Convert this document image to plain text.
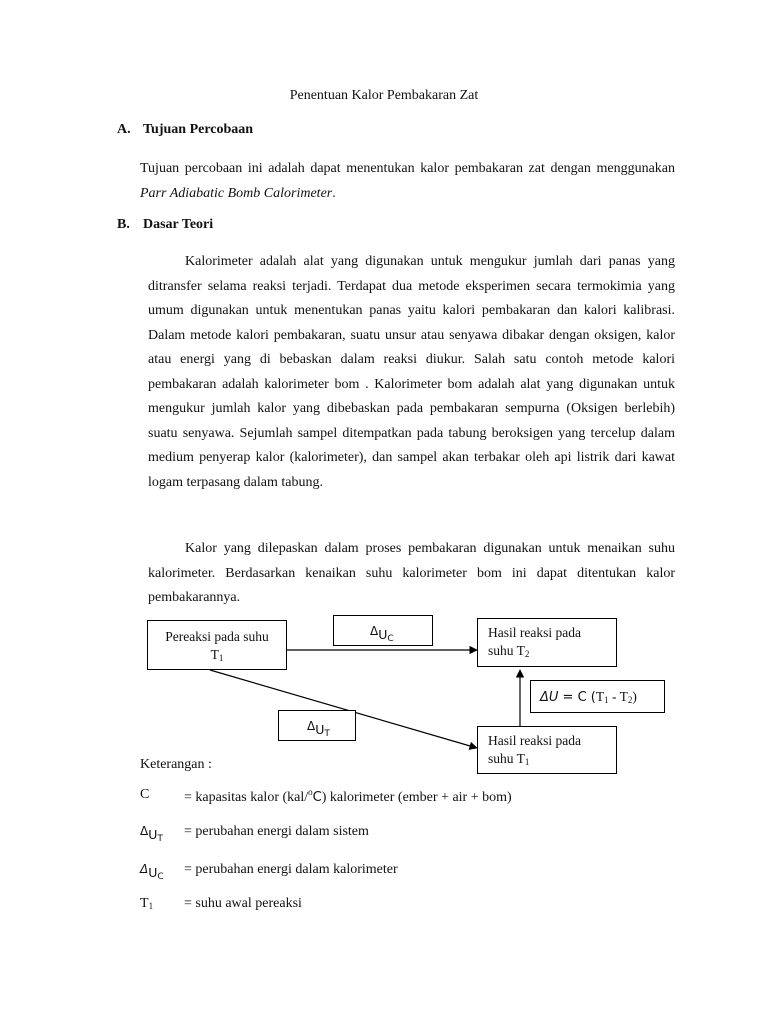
Penentuan Kalor Pembakaran Zat
A. Tujuan Percobaan
Tujuan percobaan ini adalah dapat menentukan kalor pembakaran zat dengan menggunakan Parr Adiabatic Bomb Calorimeter.
B. Dasar Teori
Kalorimeter adalah alat yang digunakan untuk mengukur jumlah dari panas yang ditransfer selama reaksi terjadi. Terdapat dua metode eksperimen secara termokimia yang umum digunakan untuk menentukan panas yaitu kalori pembakaran dan kalori kalibrasi. Dalam metode kalori pembakaran, suatu unsur atau senyawa dibakar dengan oksigen, kalor atau energi yang di bebaskan dalam reaksi diukur. Salah satu contoh metode kalori pembakaran adalah kalorimeter bom . Kalorimeter bom adalah alat yang digunakan untuk mengukur jumlah kalor yang dibebaskan pada pembakaran sempurna (Oksigen berlebih) suatu senyawa. Sejumlah sampel ditempatkan pada tabung beroksigen yang tercelup dalam medium penyerap kalor (kalorimeter), dan sampel akan terbakar oleh api listrik dari kawat logam terpasang dalam tabung.
Kalor yang dilepaskan dalam proses pembakaran digunakan untuk menaikan suhu kalorimeter. Berdasarkan kenaikan suhu kalorimeter bom ini dapat ditentukan kalor pembakarannya.
Pereaksi pada suhu
$T_1$
Hasil reaksi pada
suhu $T_2$
Hasil reaksi pada
suhu $T_1$
$\Delta U_C$
$\Delta U_T$
ΔU = C $(T_1 - T_2)$
Keterangan :
C = kapasitas kalor (kal/$^o$C) kalorimeter (ember + air + bom)
$\Delta U_T$ = perubahan energi dalam sistem
$\Delta U_C$ = perubahan energi dalam kalorimeter
$T_1$ = suhu awal pereaksi
